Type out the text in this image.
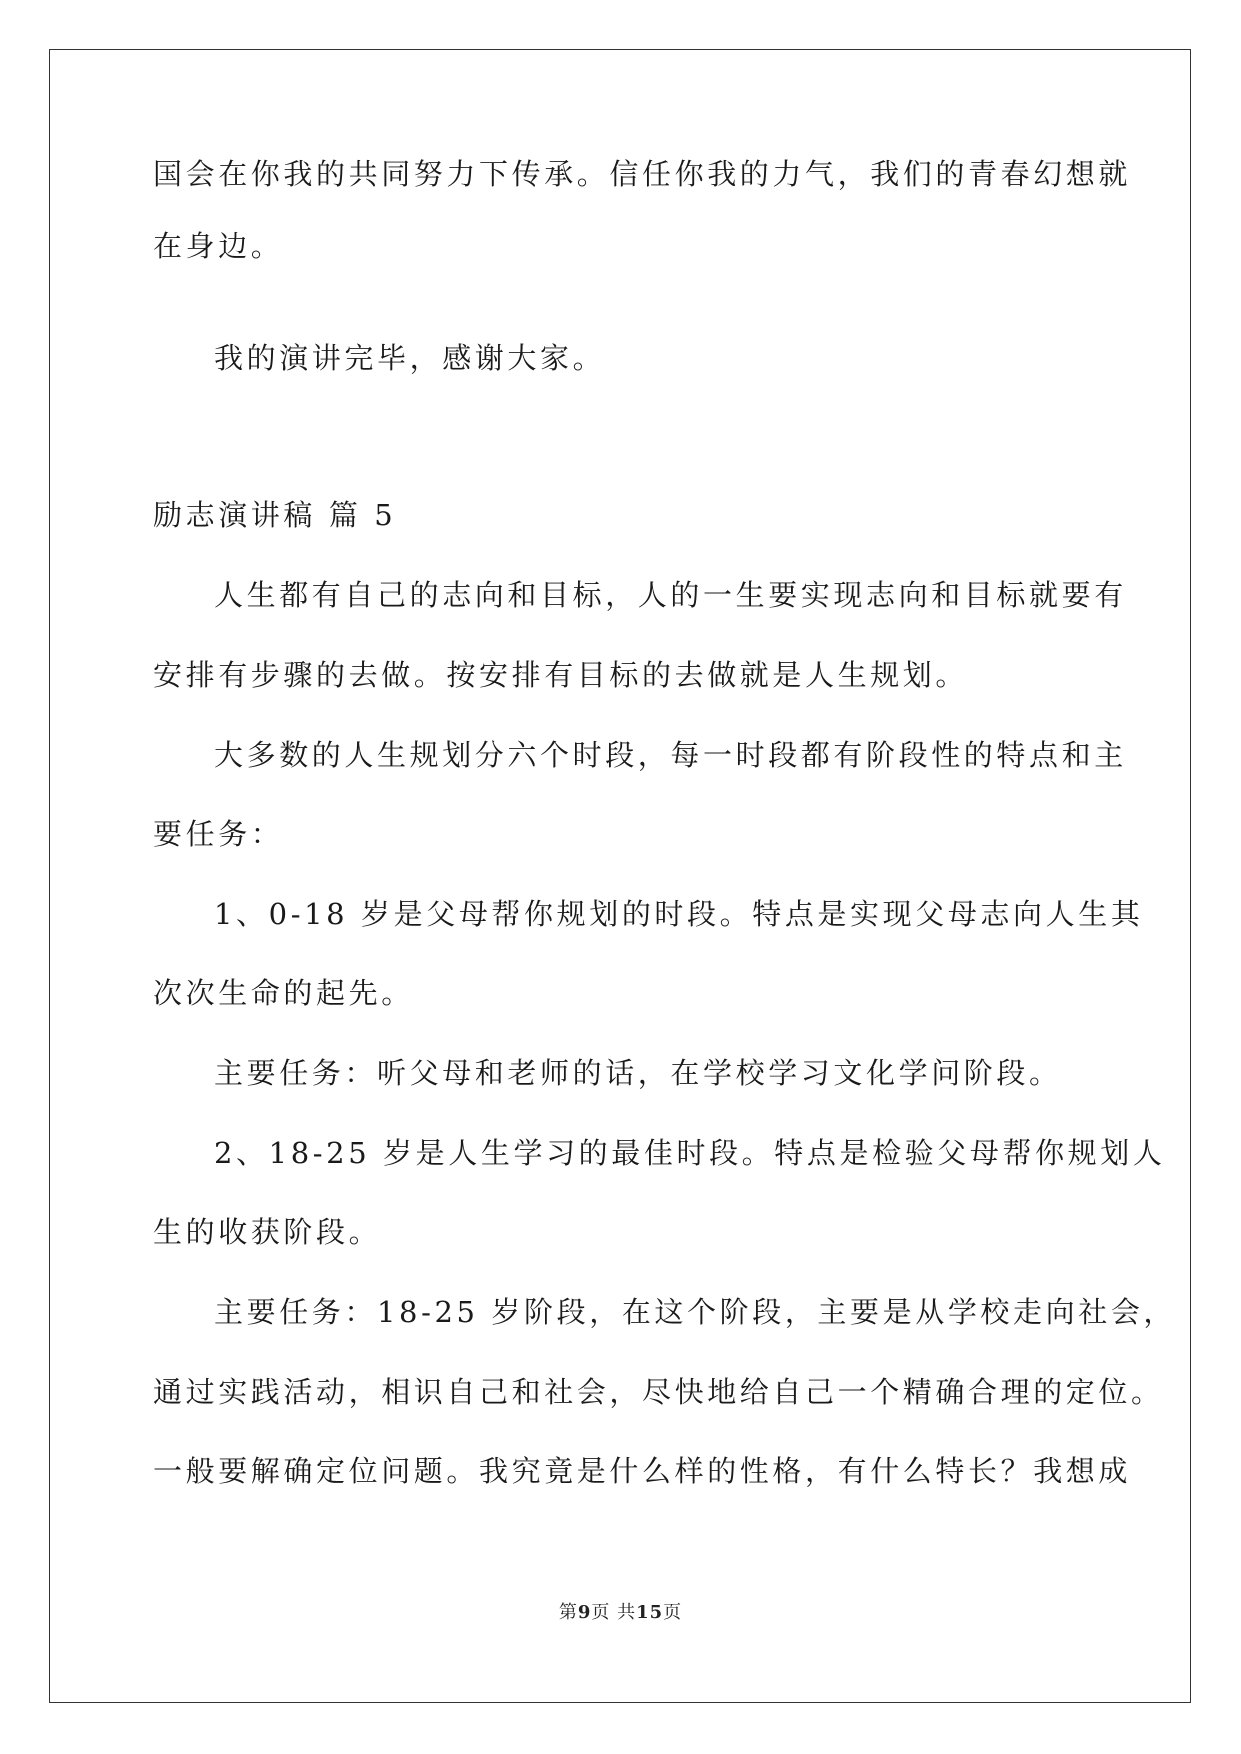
国会在你我的共同努力下传承。信任你我的力气，我们的青春幻想就
在身边。
我的演讲完毕，感谢大家。
励志演讲稿 篇 5
人生都有自己的志向和目标，人的一生要实现志向和目标就要有
安排有步骤的去做。按安排有目标的去做就是人生规划。
大多数的人生规划分六个时段，每一时段都有阶段性的特点和主
要任务：
1、0-18 岁是父母帮你规划的时段。特点是实现父母志向人生其
次次生命的起先。
主要任务：听父母和老师的话，在学校学习文化学问阶段。
2、18-25 岁是人生学习的最佳时段。特点是检验父母帮你规划人
生的收获阶段。
主要任务：18-25 岁阶段，在这个阶段，主要是从学校走向社会，
通过实践活动，相识自己和社会，尽快地给自己一个精确合理的定位。
一般要解确定位问题。我究竟是什么样的性格，有什么特长？我想成
第9页 共15页
